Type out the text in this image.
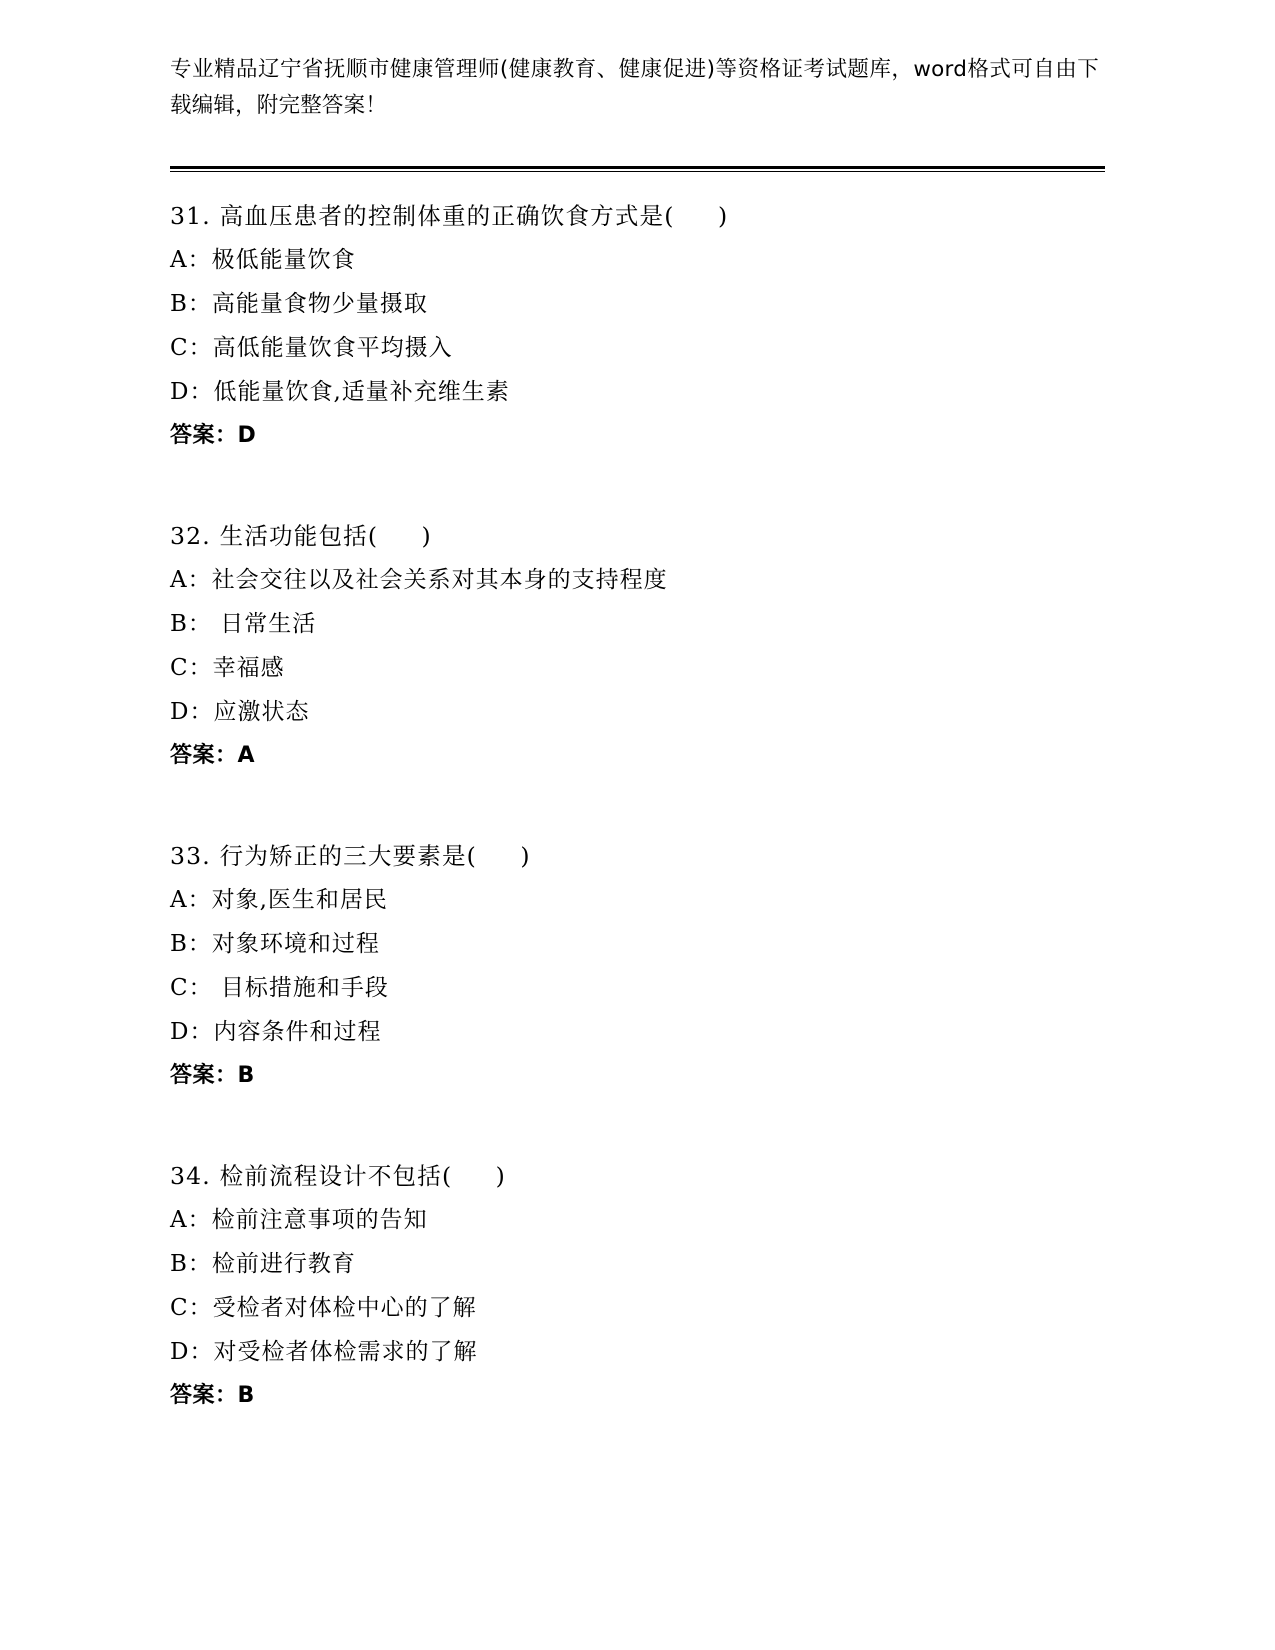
专业精品辽宁省抚顺市健康管理师(健康教育、健康促进)等资格证考试题库，word格式可自由下载编辑，附完整答案！
31. 高血压患者的控制体重的正确饮食方式是(     )
A：极低能量饮食
B：高能量食物少量摄取
C：高低能量饮食平均摄入
D：低能量饮食,适量补充维生素
答案：D
32. 生活功能包括(     )
A：社会交往以及社会关系对其本身的支持程度
B： 日常生活
C：幸福感
D：应激状态
答案：A
33. 行为矫正的三大要素是(     )
A：对象,医生和居民
B：对象环境和过程
C： 目标措施和手段
D：内容条件和过程
答案：B
34. 检前流程设计不包括(     )
A：检前注意事项的告知
B：检前进行教育
C：受检者对体检中心的了解
D：对受检者体检需求的了解
答案：B
